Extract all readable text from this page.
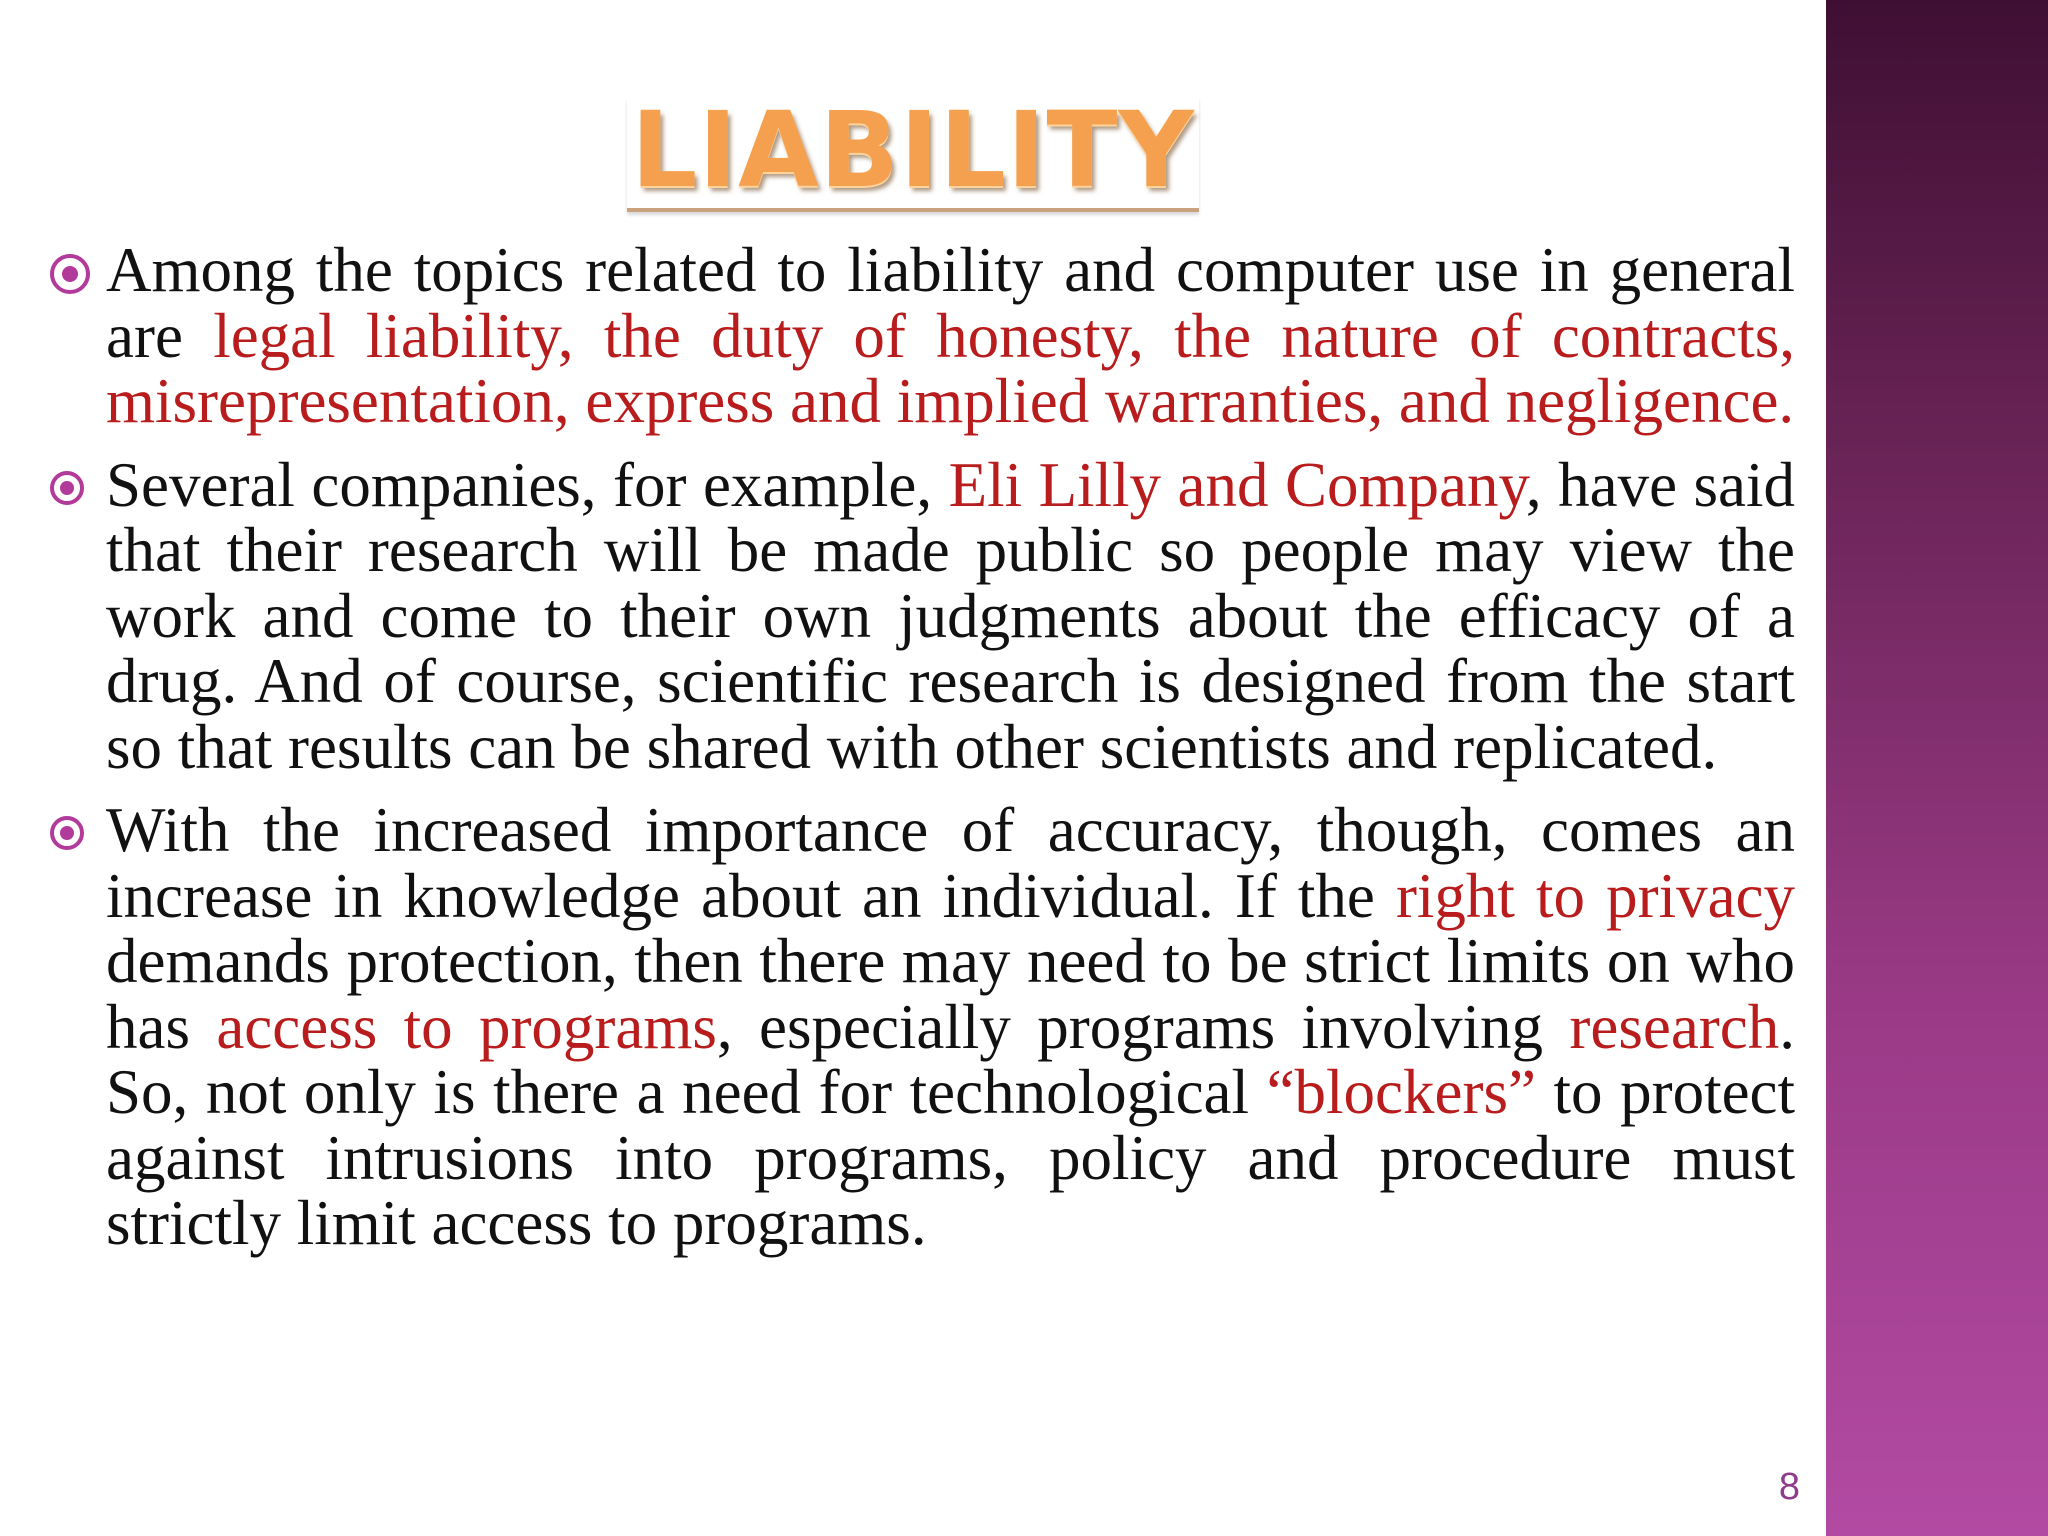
LIABILITY
Among the topics related to liability and computer use in general are legal liability, the duty of honesty, the nature of contracts, misrepresentation, express and implied warranties, and negligence.
Several companies, for example, Eli Lilly and Company, have said that their research will be made public so people may view the work and come to their own judgments about the efficacy of a drug. And of course, scientific research is designed from the start so that results can be shared with other scientists and replicated.
With the increased importance of accuracy, though, comes an increase in knowledge about an individual. If the right to privacy demands protection, then there may need to be strict limits on who has access to programs, especially programs involving research. So, not only is there a need for technological “blockers” to protect against intrusions into programs, policy and procedure must strictly limit access to programs.
8
